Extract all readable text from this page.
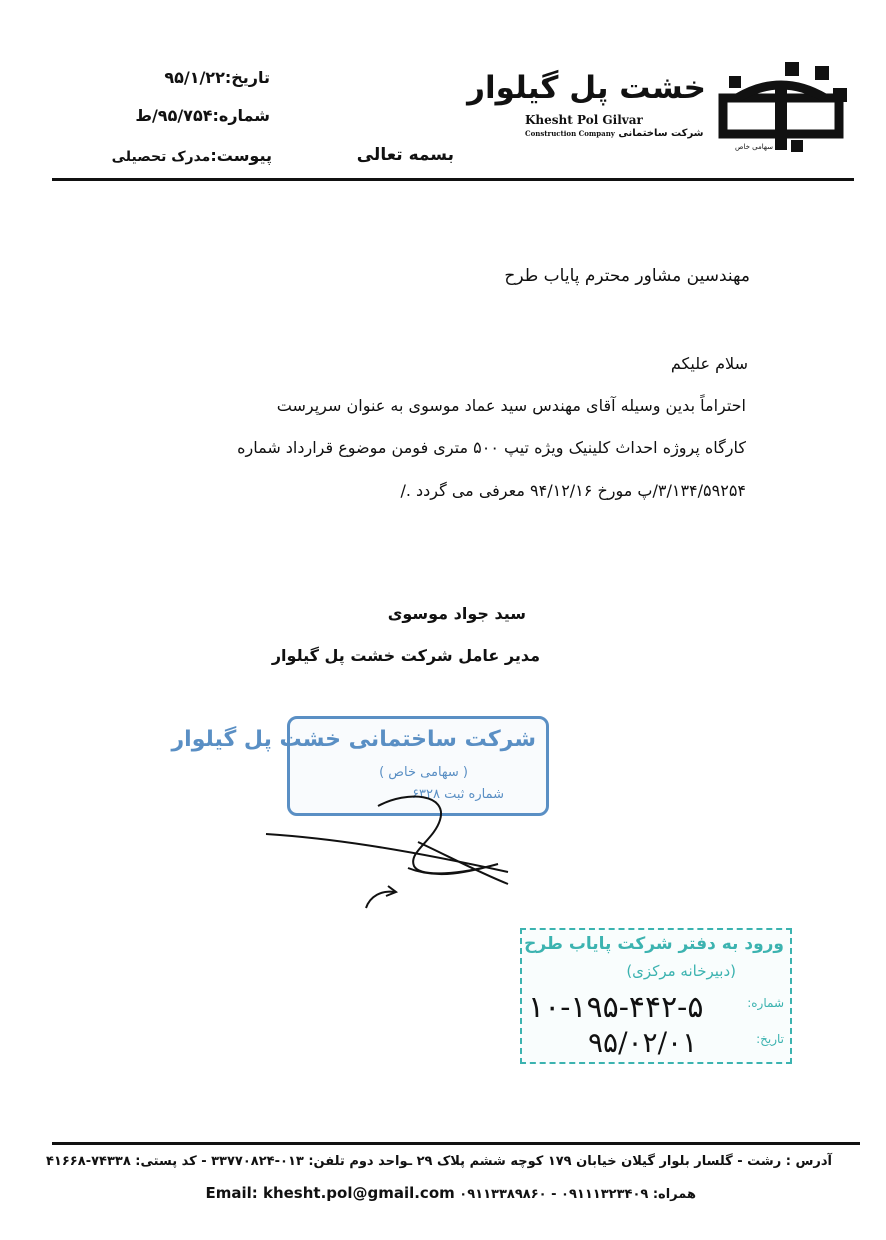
خشت پل گیلوار
Khesht Pol Gilvar
Construction Company شرکت ساختمانی
سهامی خاص
تاریخ:۹۵/۱/۲۲
شماره:۹۵/۷۵۴/ط
پیوست:مدرک تحصیلی	بسمه تعالی
مهندسین مشاور محترم پایاب طرح
سلام علیکم
احتراماً بدین وسیله آقای مهندس سید عماد موسوی به عنوان سرپرست
کارگاه پروژه احداث کلینیک ویژه تیپ ۵۰۰ متری فومن موضوع قرارداد شماره
۳/۱۳۴/۵۹۲۵۴/پ مورخ ۹۴/۱۲/۱۶ معرفی می گردد ./
سید جواد موسوی
مدیر عامل شرکت خشت پل گیلوار
شرکت ساختمانی خشت پل گیلوار
( سهامی خاص )
شماره ثبت ۶۳۲۸
ورود به دفتر شرکت پایاب طرح
(دبیرخانه مرکزی)
شماره:
۱۰-۱۹۵-۴۴۲-۵
تاریخ:
۹۵/۰۲/۰۱
آدرس : رشت - گلسار بلوار گیلان خیابان ۱۷۹ کوچه ششم پلاک ۲۹ ـواحد دوم تلفن: ۰۱۳-۳۳۷۷۰۸۲۴ - کد پستی: ۷۴۳۳۸-۴۱۶۶۸
همراه: ۰۹۱۱۱۳۲۳۴۰۹ - ۰۹۱۱۳۳۸۹۸۶۰ Email: khesht.pol@gmail.com
